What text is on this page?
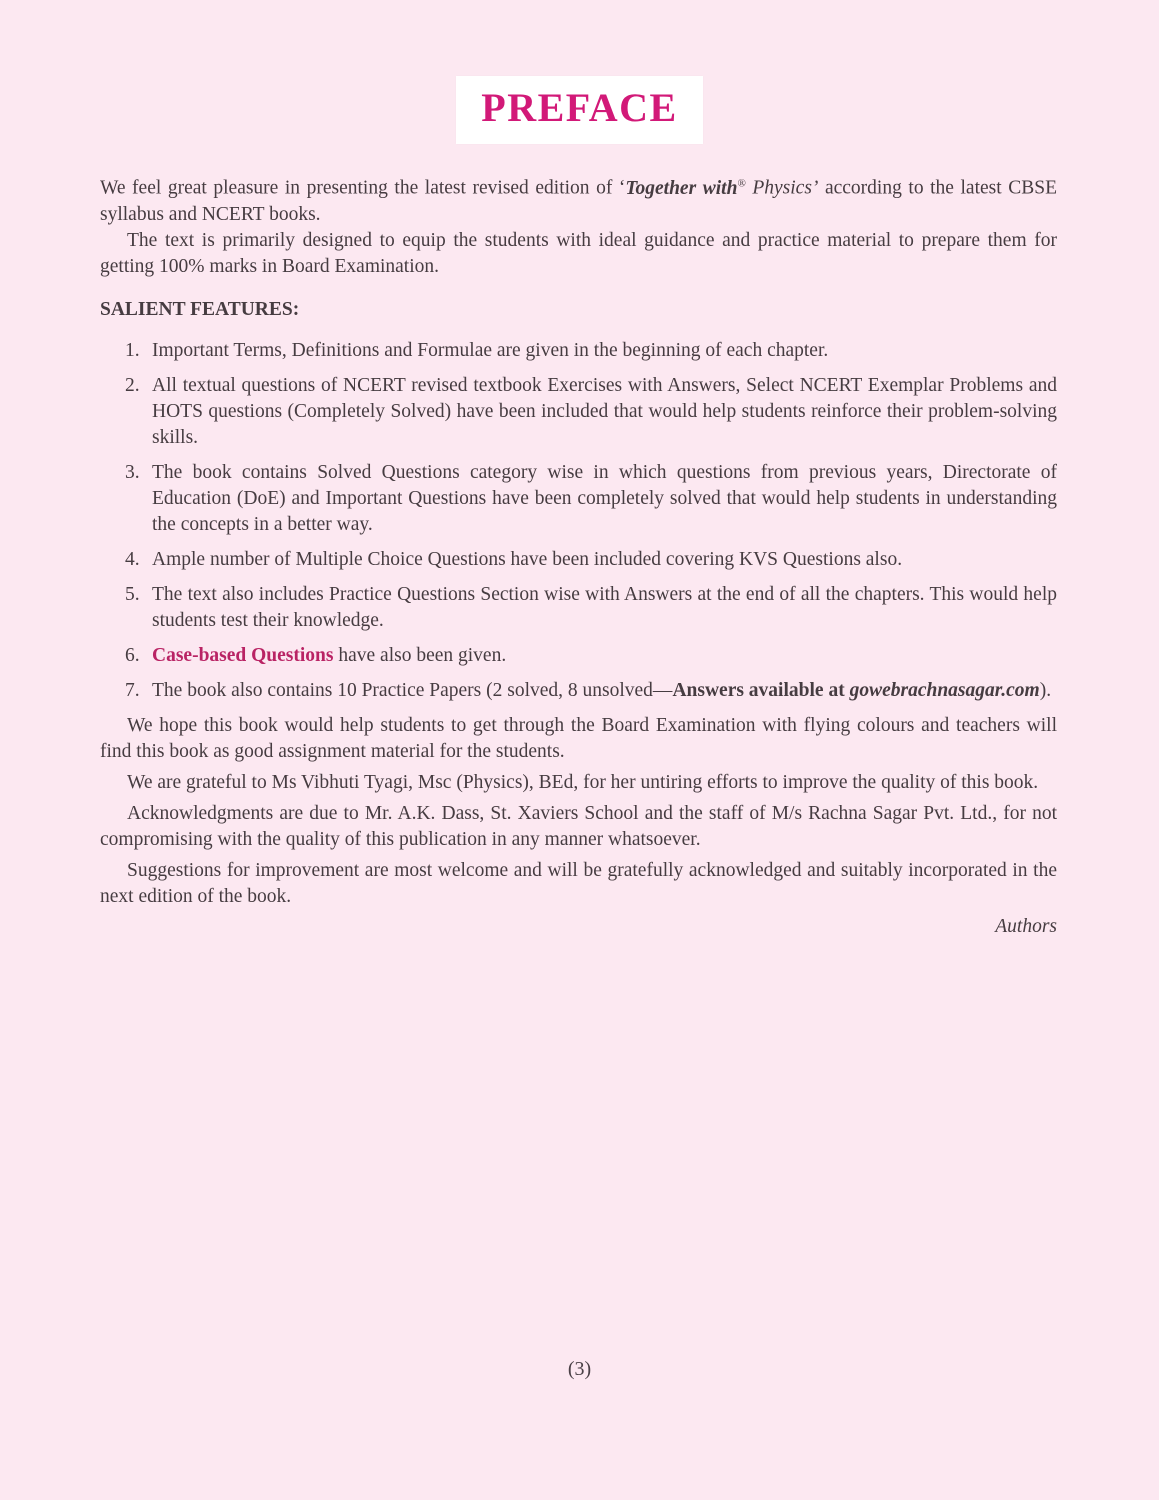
PREFACE

We feel great pleasure in presenting the latest revised edition of ‘Together with® Physics’ according to the latest CBSE syllabus and NCERT books.

The text is primarily designed to equip the students with ideal guidance and practice material to prepare them for getting 100% marks in Board Examination.

SALIENT FEATURES:

1. Important Terms, Definitions and Formulae are given in the beginning of each chapter.
2. All textual questions of NCERT revised textbook Exercises with Answers, Select NCERT Exemplar Problems and HOTS questions (Completely Solved) have been included that would help students reinforce their problem-solving skills.
3. The book contains Solved Questions category wise in which questions from previous years, Directorate of Education (DoE) and Important Questions have been completely solved that would help students in understanding the concepts in a better way.
4. Ample number of Multiple Choice Questions have been included covering KVS Questions also.
5. The text also includes Practice Questions Section wise with Answers at the end of all the chapters. This would help students test their knowledge.
6. Case-based Questions have also been given.
7. The book also contains 10 Practice Papers (2 solved, 8 unsolved—Answers available at gowebrachnasagar.com).

We hope this book would help students to get through the Board Examination with flying colours and teachers will find this book as good assignment material for the students.

We are grateful to Ms Vibhuti Tyagi, Msc (Physics), BEd, for her untiring efforts to improve the quality of this book.

Acknowledgments are due to Mr. A.K. Dass, St. Xaviers School and the staff of M/s Rachna Sagar Pvt. Ltd., for not compromising with the quality of this publication in any manner whatsoever.

Suggestions for improvement are most welcome and will be gratefully acknowledged and suitably incorporated in the next edition of the book.

Authors

(3)
